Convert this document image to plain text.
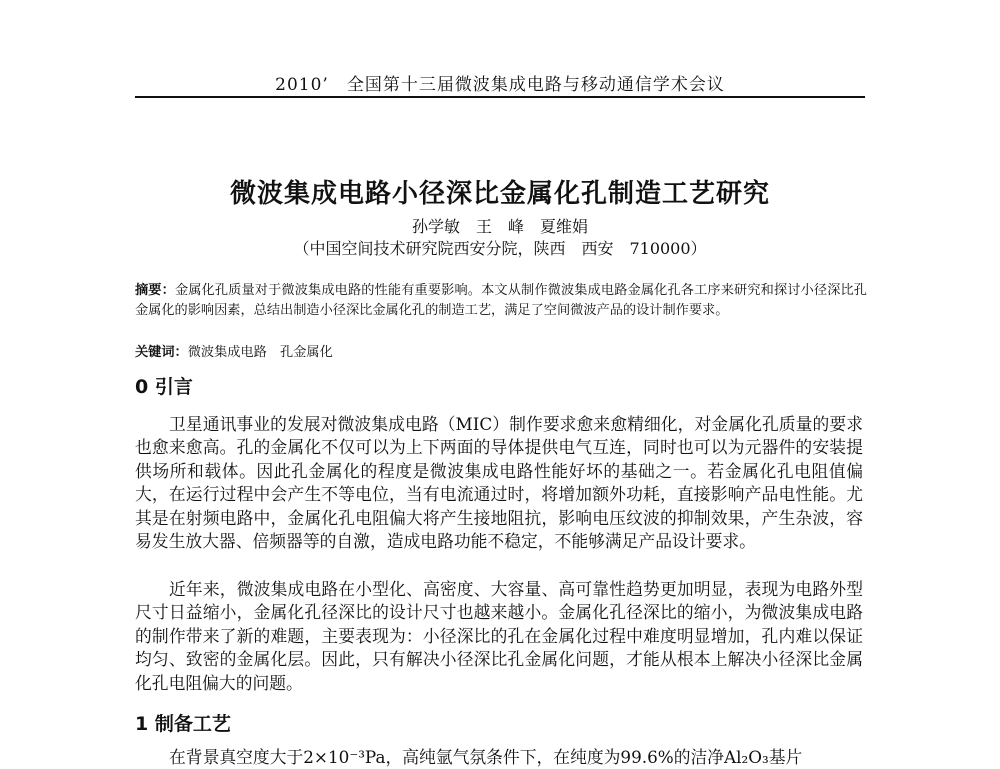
2010’　全国第十三届微波集成电路与移动通信学术会议
微波集成电路小径深比金属化孔制造工艺研究
孙学敏　王　峰　夏维娟
（中国空间技术研究院西安分院，陕西　西安　710000）
摘要：金属化孔质量对于微波集成电路的性能有重要影响。本文从制作微波集成电路金属化孔各工序来研究和探讨小径深比孔金属化的影响因素，总结出制造小径深比金属化孔的制造工艺，满足了空间微波产品的设计制作要求。
关键词：微波集成电路　孔金属化
0 引言
卫星通讯事业的发展对微波集成电路（MIC）制作要求愈来愈精细化，对金属化孔质量的要求也愈来愈高。孔的金属化不仅可以为上下两面的导体提供电气互连，同时也可以为元器件的安装提供场所和载体。因此孔金属化的程度是微波集成电路性能好坏的基础之一。若金属化孔电阻值偏大，在运行过程中会产生不等电位，当有电流通过时，将增加额外功耗，直接影响产品电性能。尤其是在射频电路中，金属化孔电阻偏大将产生接地阻抗，影响电压纹波的抑制效果，产生杂波，容易发生放大器、倍频器等的自激，造成电路功能不稳定，不能够满足产品设计要求。
近年来，微波集成电路在小型化、高密度、大容量、高可靠性趋势更加明显，表现为电路外型尺寸日益缩小，金属化孔径深比的设计尺寸也越来越小。金属化孔径深比的缩小，为微波集成电路的制作带来了新的难题，主要表现为：小径深比的孔在金属化过程中难度明显增加，孔内难以保证均匀、致密的金属化层。因此，只有解决小径深比孔金属化问题，才能从根本上解决小径深比金属化孔电阻偏大的问题。
1 制备工艺
在背景真空度大于2×10⁻³Pa，高纯氩气氛条件下，在纯度为99.6%的洁净Al₂O₃基片
